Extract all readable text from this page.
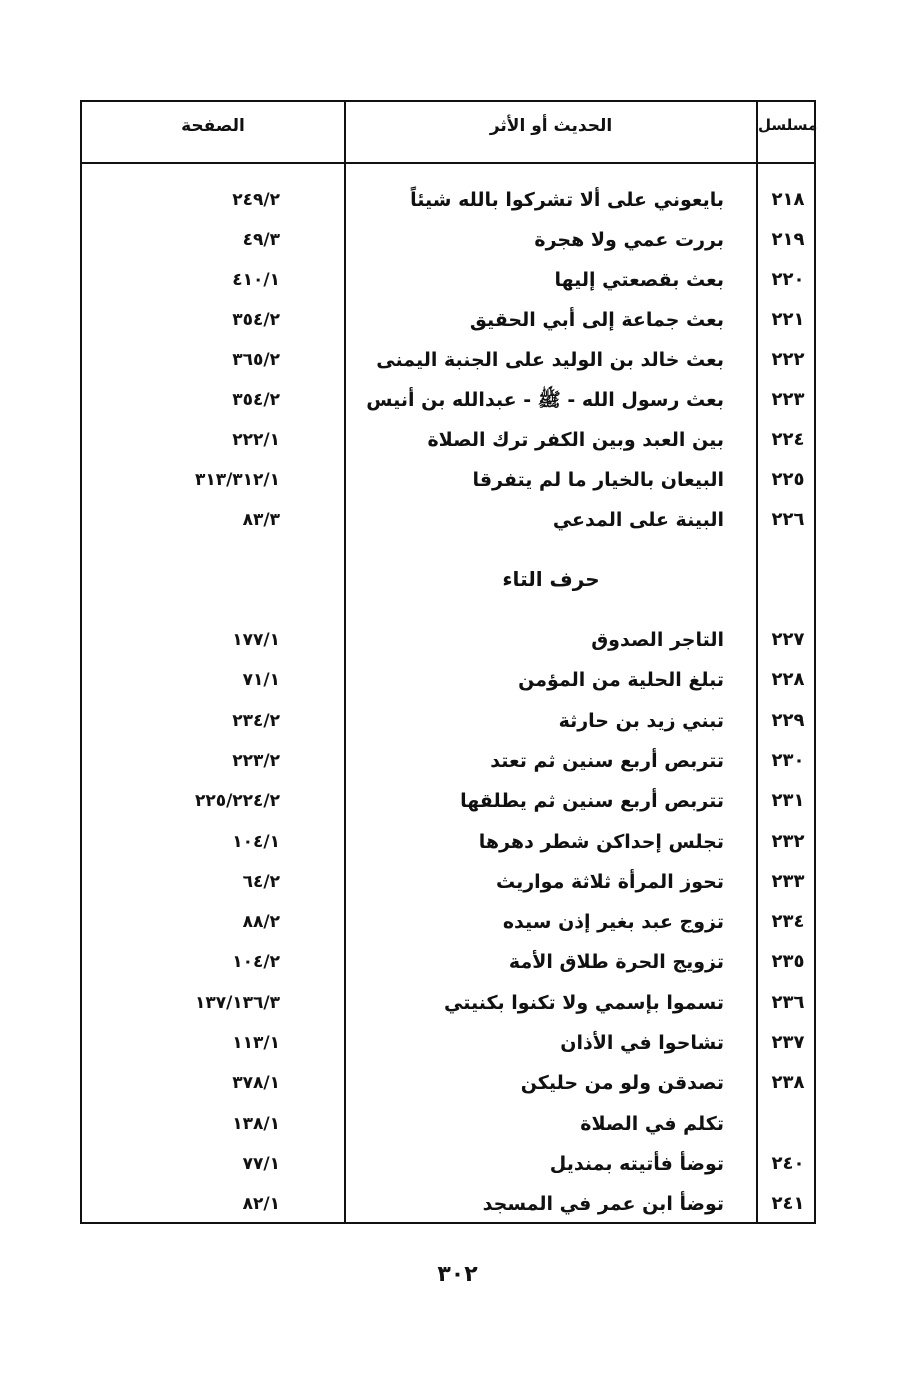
الصفحة	الحديث أو الأثر	مسلسل
٢١٨
بايعوني على ألا تشركوا بالله شيئاً
٢٤٩/٢
٢١٩
بررت عمي ولا هجرة
٤٩/٣
٢٢٠
بعث بقصعتي إليها
٤١٠/١
٢٢١
بعث جماعة إلى أبي الحقيق
٣٥٤/٢
٢٢٢
بعث خالد بن الوليد على الجنبة اليمنى
٣٦٥/٢
٢٢٣
بعث رسول الله - ﷺ - عبدالله بن أنيس
٣٥٤/٢
٢٢٤
بين العبد وبين الكفر ترك الصلاة
٢٢٢/١
٢٢٥
البيعان بالخيار ما لم يتفرقا
٣١٣/٣١٢/١
٢٢٦
البينة على المدعي
٨٣/٣
حرف التاء
٢٢٧
التاجر الصدوق
١٧٧/١
٢٢٨
تبلغ الحلية من المؤمن
٧١/١
٢٢٩
تبني زيد بن حارثة
٢٣٤/٢
٢٣٠
تتربص أربع سنين ثم تعتد
٢٢٣/٢
٢٣١
تتربص أربع سنين ثم يطلقها
٢٢٥/٢٢٤/٢
٢٣٢
تجلس إحداكن شطر دهرها
١٠٤/١
٢٣٣
تحوز المرأة ثلاثة مواريث
٦٤/٢
٢٣٤
تزوج عبد بغير إذن سيده
٨٨/٢
٢٣٥
تزويج الحرة طلاق الأمة
١٠٤/٢
٢٣٦
تسموا بإسمي ولا تكنوا بكنيتي
١٣٧/١٣٦/٣
٢٣٧
تشاحوا في الأذان
١١٣/١
٢٣٨
تصدقن ولو من حليكن
٣٧٨/١
تكلم في الصلاة
١٣٨/١
٢٤٠
توضأ فأتيته بمنديل
٧٧/١
٢٤١
توضأ ابن عمر في المسجد
٨٢/١
٣٠٢
